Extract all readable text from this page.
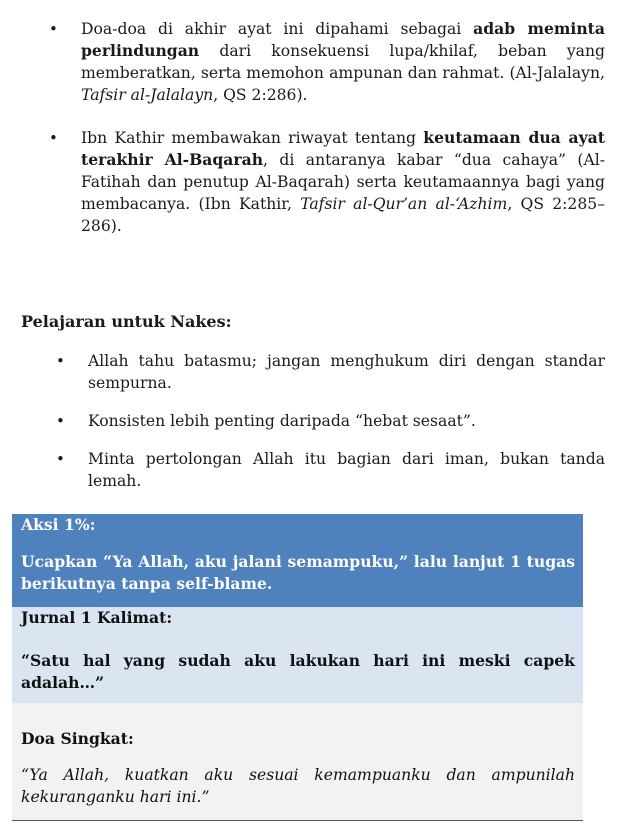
• Doa-doa di akhir ayat ini dipahami sebagai adab meminta perlindungan dari konsekuensi lupa/khilaf, beban yang memberatkan, serta memohon ampunan dan rahmat. (Al-Jalalayn, Tafsir al-Jalalayn, QS 2:286).
• Ibn Kathir membawakan riwayat tentang keutamaan dua ayat terakhir Al-Baqarah, di antaranya kabar “dua cahaya” (Al-Fatihah dan penutup Al-Baqarah) serta keutamaannya bagi yang membacanya. (Ibn Kathir, Tafsir al-Qur’an al-‘Azhim, QS 2:285–286).
Pelajaran untuk Nakes:
• Allah tahu batasmu; jangan menghukum diri dengan standar sempurna.
• Konsisten lebih penting daripada “hebat sesaat”.
• Minta pertolongan Allah itu bagian dari iman, bukan tanda lemah.

Aksi 1%:

Ucapkan “Ya Allah, aku jalani semampuku,” lalu lanjut 1 tugas berikutnya tanpa self-blame.

Jurnal 1 Kalimat:

“Satu hal yang sudah aku lakukan hari ini meski capek adalah…”

Doa Singkat:

“Ya Allah, kuatkan aku sesuai kemampuanku dan ampunilah kekuranganku hari ini.”
